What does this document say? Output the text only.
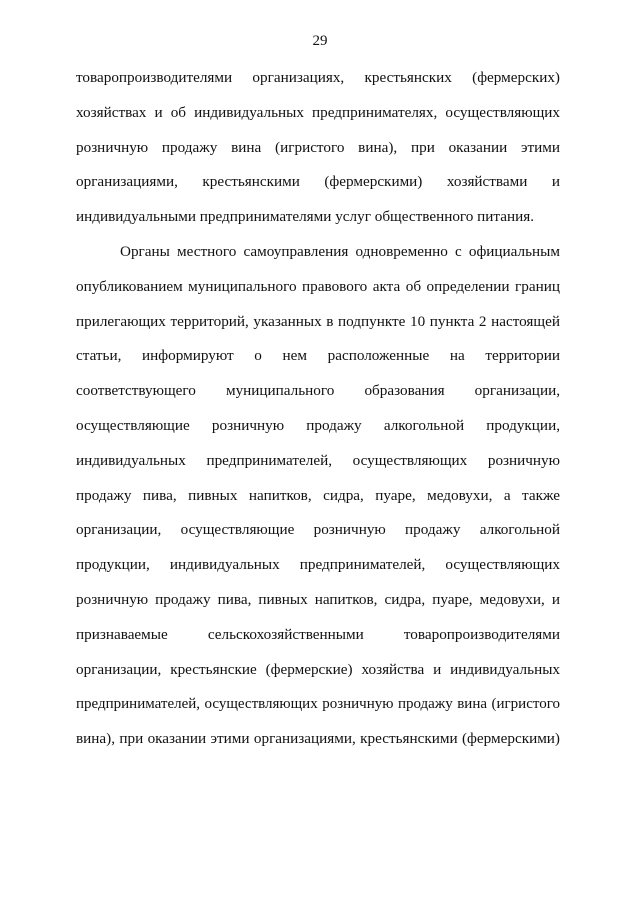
29
товаропроизводителями организациях, крестьянских (фермерских)
хозяйствах и об индивидуальных предпринимателях, осуществляющих
розничную продажу вина (игристого вина), при оказании этими
организациями, крестьянскими (фермерскими) хозяйствами и
индивидуальными предпринимателями услуг общественного питания.
Органы местного самоуправления одновременно с официальным
опубликованием муниципального правового акта об определении границ
прилегающих территорий, указанных в подпункте 10 пункта 2 настоящей
статьи, информируют о нем расположенные на территории
соответствующего муниципального образования организации,
осуществляющие розничную продажу алкогольной продукции,
индивидуальных предпринимателей, осуществляющих розничную
продажу пива, пивных напитков, сидра, пуаре, медовухи, а также
организации, осуществляющие розничную продажу алкогольной
продукции, индивидуальных предпринимателей, осуществляющих
розничную продажу пива, пивных напитков, сидра, пуаре, медовухи, и
признаваемые сельскохозяйственными товаропроизводителями
организации, крестьянские (фермерские) хозяйства и индивидуальных
предпринимателей, осуществляющих розничную продажу вина (игристого
вина), при оказании этими организациями, крестьянскими (фермерскими)
